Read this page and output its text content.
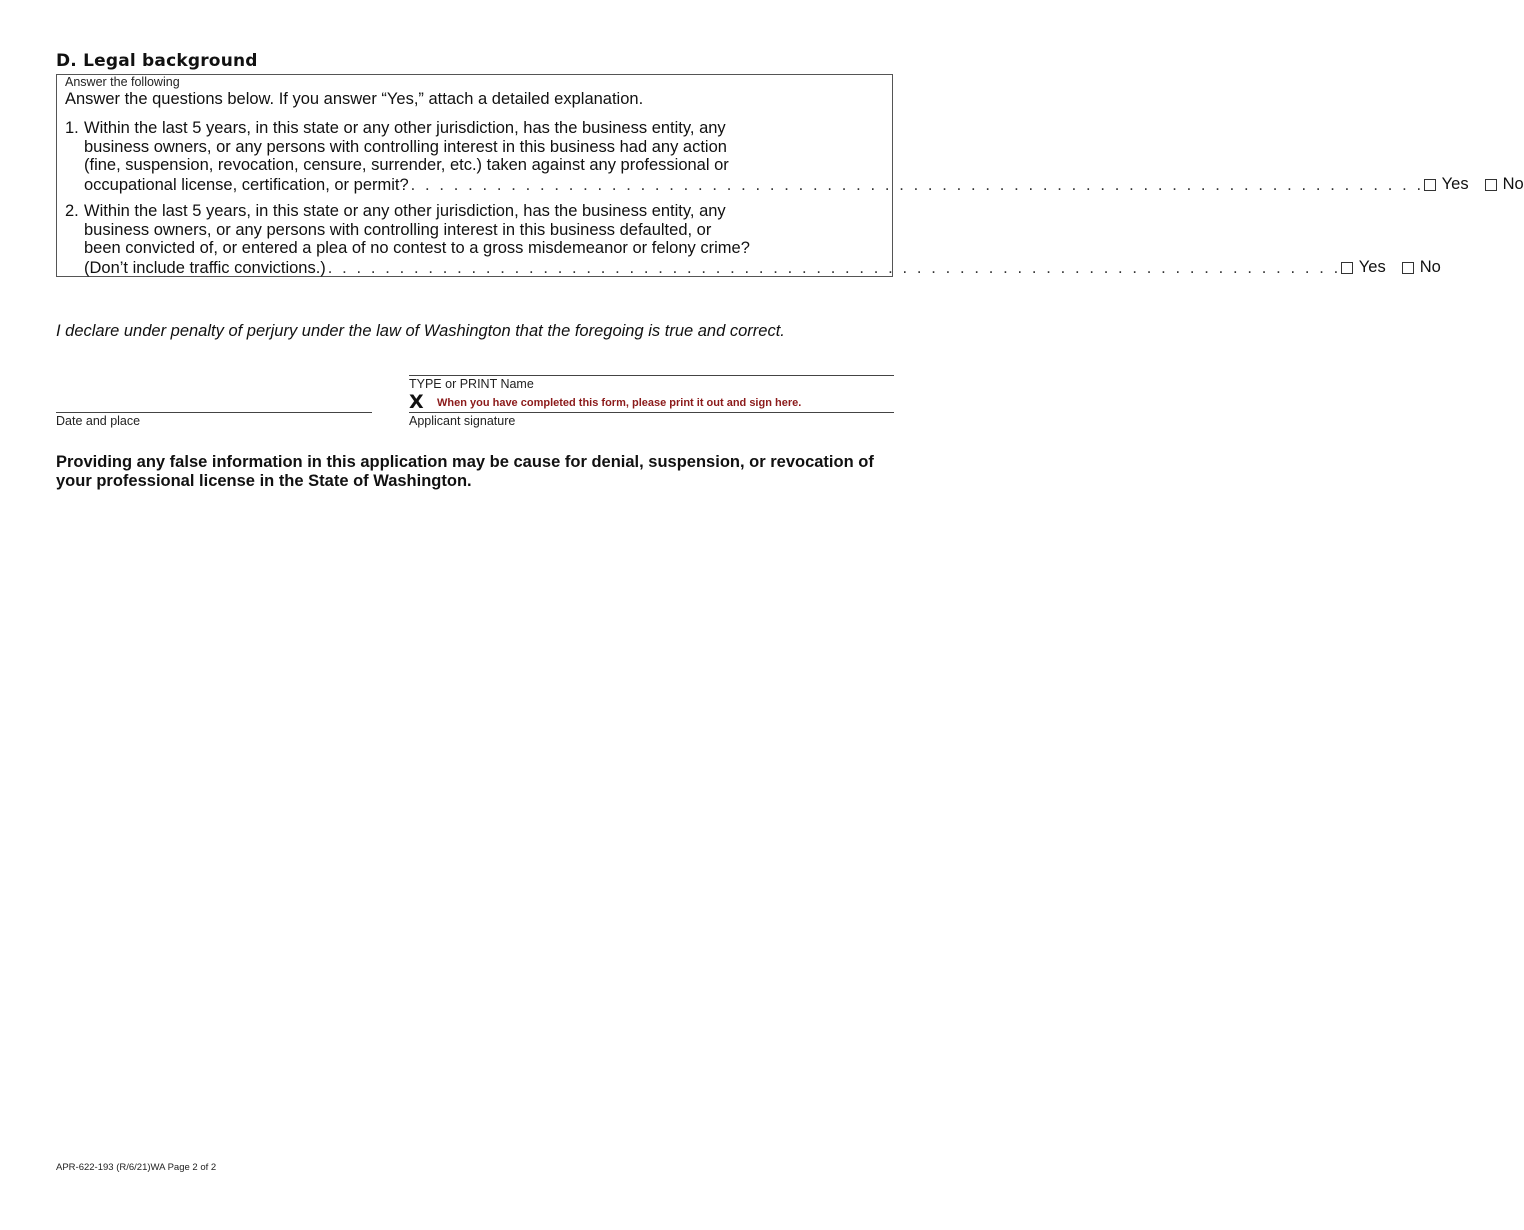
D. Legal background
Answer the following
Answer the questions below. If you answer “Yes,” attach a detailed explanation.
1. Within the last 5 years, in this state or any other jurisdiction, has the business entity, any
business owners, or any persons with controlling interest in this business had any action
(fine, suspension, revocation, censure, surrender, etc.) taken against any professional or
occupational license, certification, or permit? . . . . . . . . . . . . . . . . . . . . . . . . . . . . . . . . . . . . . . . . . . . . . . . . . . . . . . . . . . . . . . . . . . . . . . . Yes No
2. Within the last 5 years, in this state or any other jurisdiction, has the business entity, any
business owners, or any persons with controlling interest in this business defaulted, or
been convicted of, or entered a plea of no contest to a gross misdemeanor or felony crime?
(Don’t include traffic convictions.) . . . . . . . . . . . . . . . . . . . . . . . . . . . . . . . . . . . . . . . . . . . . . . . . . . . . . . . . . . . . . . . . . . . . . . . Yes No
I declare under penalty of perjury under the law of Washington that the foregoing is true and correct.
TYPE or PRINT Name
X When you have completed this form, please print it out and sign here.
Applicant signature
Date and place
Providing any false information in this application may be cause for denial, suspension, or revocation of your professional license in the State of Washington.
APR-622-193 (R/6/21)WA Page 2 of 2
